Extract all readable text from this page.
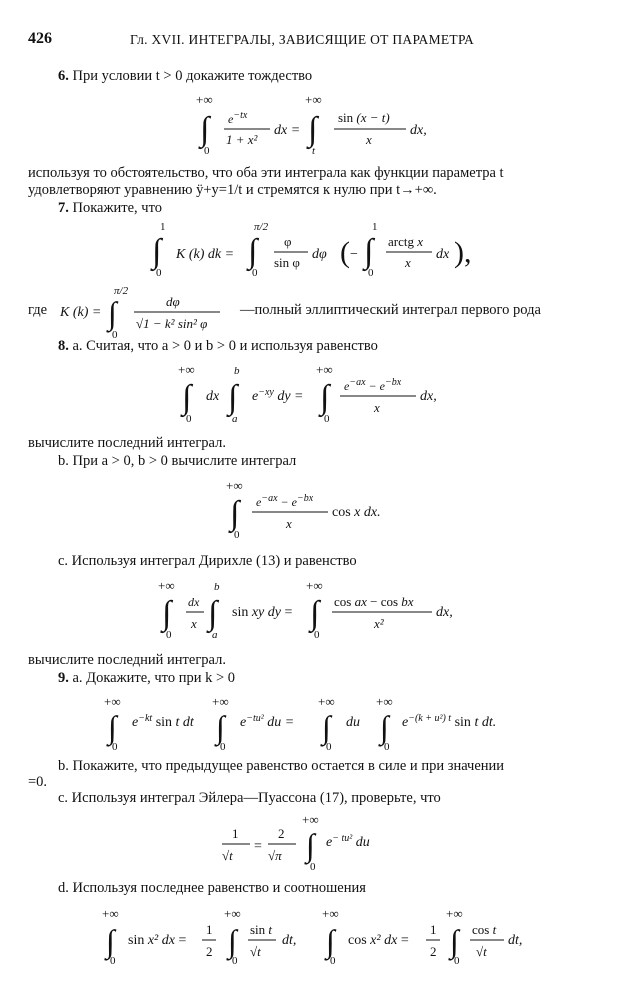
426	Гл. XVII. ИНТЕГРАЛЫ, ЗАВИСЯЩИЕ ОТ ПАРАМЕТРА
6. При условии t > 0 докажите тождество
+∞
∫
0
$e^{-tx}$
1 + x²
dx =
+∞
∫
t
sin (x − t)
x
dx,
используя то обстоятельство, что оба эти интеграла как функции параметра t
удовлетворяют уравнению ÿ+y=1/t и стремятся к нулю при t→+∞.
7. Покажите, что
1
∫
0
K (k) dk =
π/2
∫
0
φ
sin φ
dφ ( −
1
∫
0
arctg x
x
dx ),
где K (k) =
π/2
∫
0
dφ
√1 − k² sin² φ
—полный эллиптический интеграл первого рода
8. a. Считая, что a > 0 и b > 0 и используя равенство
+∞
∫
0
dx
b
∫
a
$e^{-xy}$ dy =
+∞
∫
0
$e^{-ax} - e^{-bx}$
x
dx,
вычислите последний интеграл.
b. При a > 0, b > 0 вычислите интеграл
+∞
∫
0
$e^{-ax} - e^{-bx}$
x
cos x dx.
c. Используя интеграл Дирихле (13) и равенство
+∞
∫
0
dx
x
b
∫
a
sin xy dy =
+∞
∫
0
cos ax − cos bx
x²
dx,
вычислите последний интеграл.
9. a. Докажите, что при k > 0
+∞
∫
0
$e^{-kt}$ sin t dt
+∞
∫
0
$e^{-tu^2}$ du =
+∞
∫
0
du
+∞
∫
0
$e^{-(k + u^2) t}$ sin t dt.
b. Покажите, что предыдущее равенство остается в силе и при значении
=0.
c. Используя интеграл Эйлера—Пуассона (17), проверьте, что
1
√t
=
2
√π
+∞
∫
0
$e^{- tu^2}$ du
d. Используя последнее равенство и соотношения
+∞
∫
0
sin x² dx =
1
2
+∞
∫
0
sin t
√t
dt,
+∞
∫
0
cos x² dx =
1
2
+∞
∫
0
cos t
√t
dt,
